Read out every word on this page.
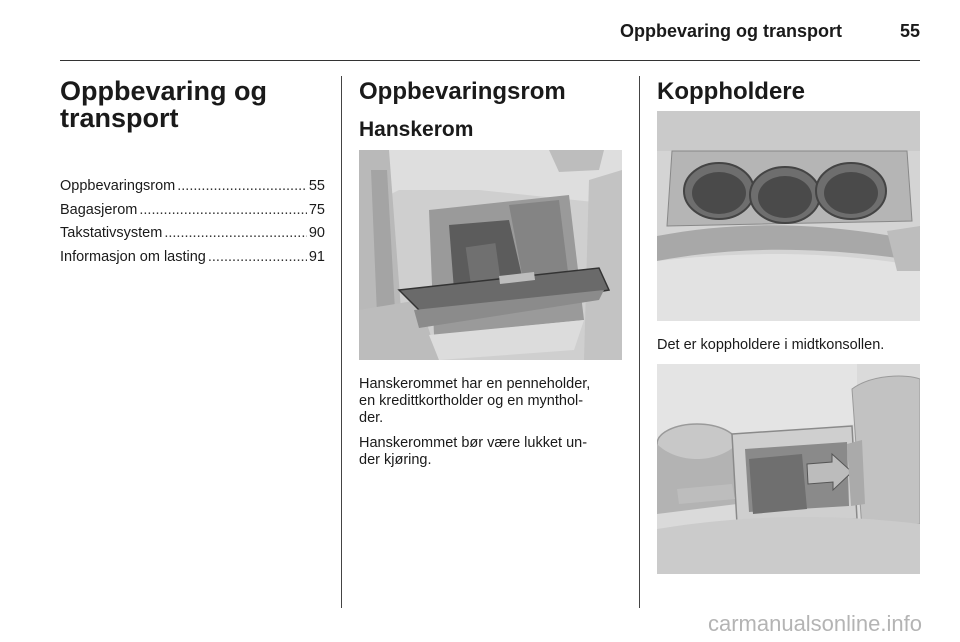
Oppbevaring og transport	55
Oppbevaring og
transport
Oppbevaringsrom .....	55
Bagasjerom .....	75
Takstativsystem .....	90
Informasjon om lasting .....	91
Oppbevaringsrom
Hanskerom

Hanskerommet har en penneholder,
en kredittkortholder og en mynthol-
der.

Hanskerommet bør være lukket un-
der kjøring.

Koppholdere
Det er koppholdere i midtkonsollen.
carmanualsonline.info
